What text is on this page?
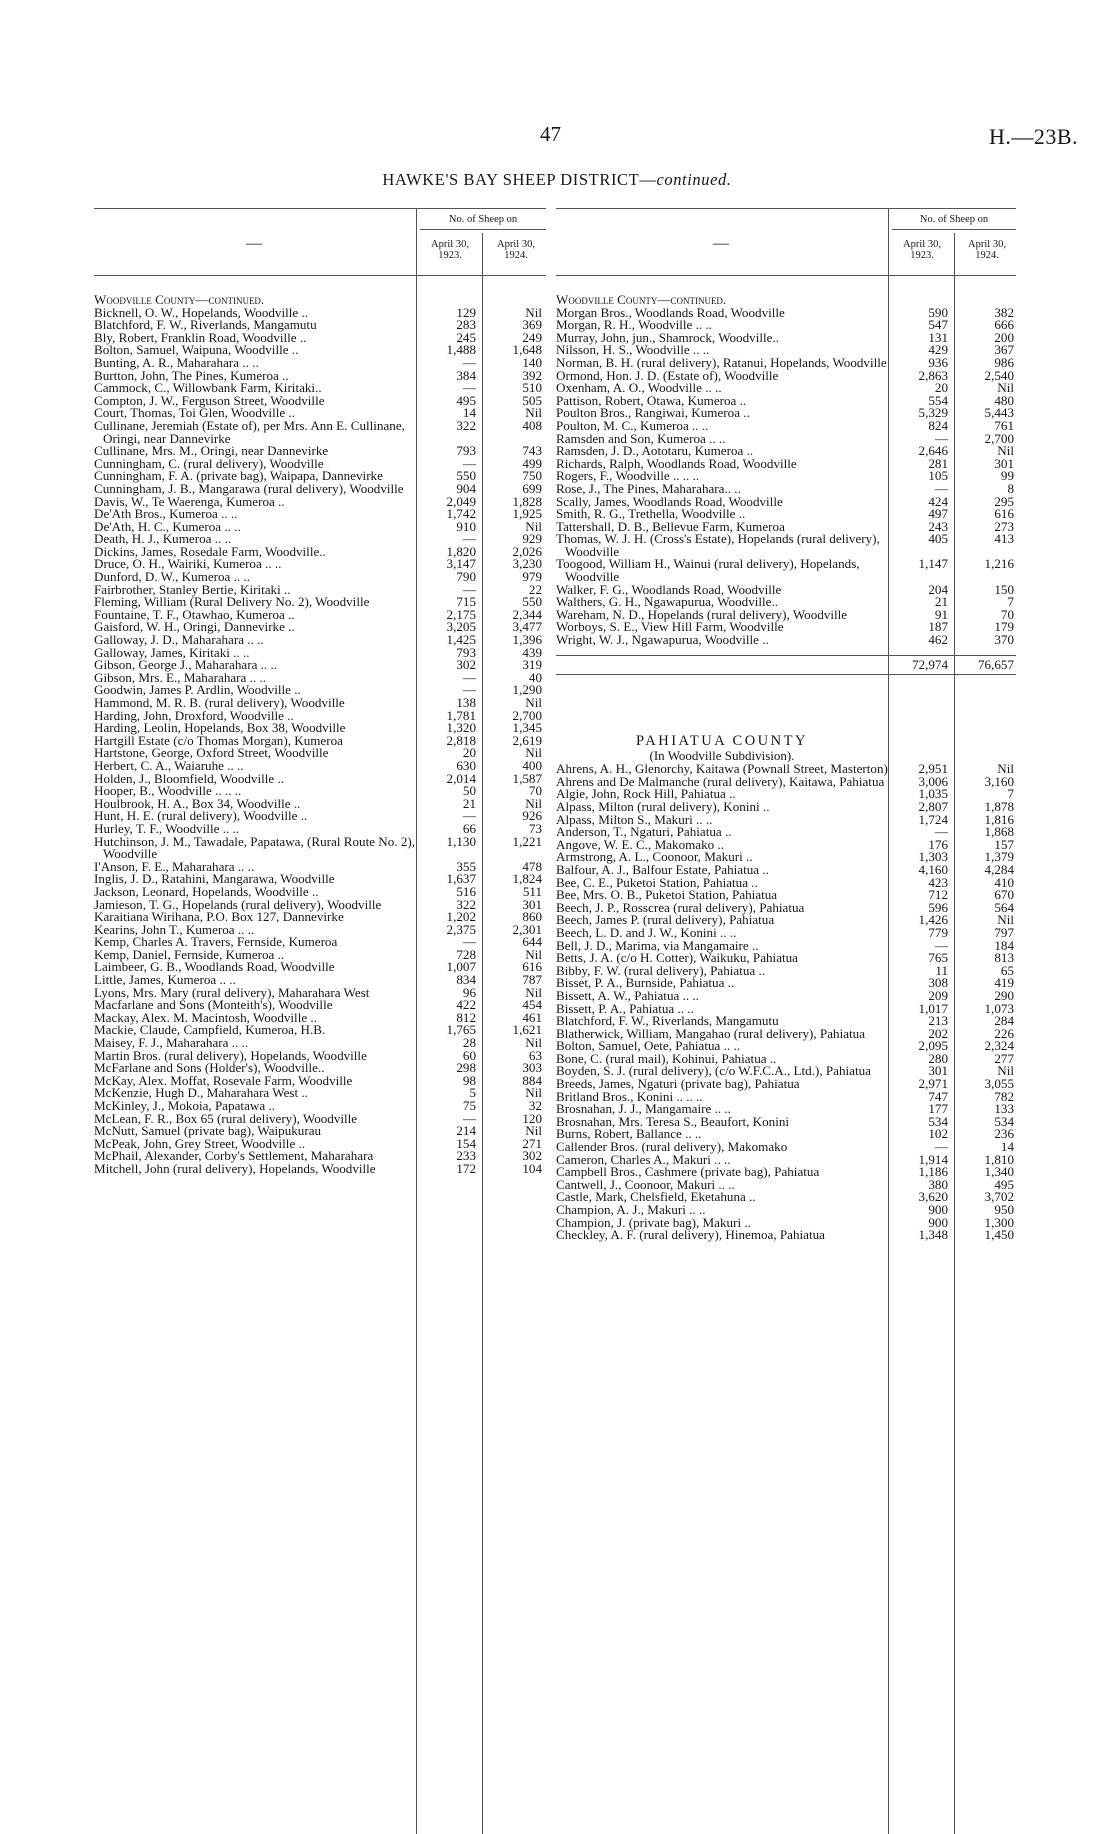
47	H.—23B.
HAWKE'S BAY SHEEP DISTRICT—continued.
—
No. of Sheep on
April 30, 1923.
April 30, 1924.
Woodville County—continued.
Bicknell, O. W., Hopelands, Woodville ..	129	Nil
Blatchford, F. W., Riverlands, Mangamutu	283	369
Bly, Robert, Franklin Road, Woodville ..	245	249
Bolton, Samuel, Waipuna, Woodville ..	1,488	1,648
Bunting, A. R., Maharahara .. ..	—	140
Burtton, John, The Pines, Kumeroa ..	384	392
Cammock, C., Willowbank Farm, Kiritaki..	—	510
Compton, J. W., Ferguson Street, Woodville	495	505
Court, Thomas, Toi Glen, Woodville ..	14	Nil
Cullinane, Jeremiah (Estate of), per Mrs. Ann E. Cullinane, Oringi, near Dannevirke
322	408
Cullinane, Mrs. M., Oringi, near Dannevirke	793	743
Cunningham, C. (rural delivery), Woodville	—	499
Cunningham, F. A. (private bag), Waipapa, Dannevirke	550	750
Cunningham, J. B., Mangarawa (rural delivery), Woodville	904	699
Davis, W., Te Waerenga, Kumeroa ..	2,049	1,828
De'Ath Bros., Kumeroa .. ..	1,742	1,925
De'Ath, H. C., Kumeroa .. ..	910	Nil
Death, H. J., Kumeroa .. ..	—	929
Dickins, James, Rosedale Farm, Woodville..	1,820	2,026
Druce, O. H., Wairiki, Kumeroa .. ..	3,147	3,230
Dunford, D. W., Kumeroa .. ..	790	979
Fairbrother, Stanley Bertie, Kiritaki ..	—	22
Fleming, William (Rural Delivery No. 2), Woodville	715	550
Fountaine, T. F., Otawhao, Kumeroa ..	2,175	2,344
Gaisford, W. H., Oringi, Dannevirke ..	3,205	3,477
Galloway, J. D., Maharahara .. ..	1,425	1,396
Galloway, James, Kiritaki .. ..	793	439
Gibson, George J., Maharahara .. ..	302	319
Gibson, Mrs. E., Maharahara .. ..	—	40
Goodwin, James P. Ardlin, Woodville ..	—	1,290
Hammond, M. R. B. (rural delivery), Woodville	138	Nil
Harding, John, Droxford, Woodville ..	1,781	2,700
Harding, Leolin, Hopelands, Box 38, Woodville	1,320	1,345
Hartgill Estate (c/o Thomas Morgan), Kumeroa	2,818	2,619
Hartstone, George, Oxford Street, Woodville	20	Nil
Herbert, C. A., Waiaruhe .. ..	630	400
Holden, J., Bloomfield, Woodville ..	2,014	1,587
Hooper, B., Woodville .. .. ..	50	70
Houlbrook, H. A., Box 34, Woodville ..	21	Nil
Hunt, H. E. (rural delivery), Woodville ..	—	926
Hurley, T. F., Woodville .. ..	66	73
Hutchinson, J. M., Tawadale, Papatawa, (Rural Route No. 2), Woodville
1,130	1,221
I'Anson, F. E., Maharahara .. ..	355	478
Inglis, J. D., Ratahini, Mangarawa, Woodville	1,637	1,824
Jackson, Leonard, Hopelands, Woodville ..	516	511
Jamieson, T. G., Hopelands (rural delivery), Woodville	322	301
Karaitiana Wirihana, P.O. Box 127, Dannevirke	1,202	860
Kearins, John T., Kumeroa .. ..	2,375	2,301
Kemp, Charles A. Travers, Fernside, Kumeroa	—	644
Kemp, Daniel, Fernside, Kumeroa ..	728	Nil
Laimbeer, G. B., Woodlands Road, Woodville	1,007	616
Little, James, Kumeroa .. ..	834	787
Lyons, Mrs. Mary (rural delivery), Maharahara West	96	Nil
Macfarlane and Sons (Monteith's), Woodville	422	454
Mackay, Alex. M. Macintosh, Woodville ..	812	461
Mackie, Claude, Campfield, Kumeroa, H.B.	1,765	1,621
Maisey, F. J., Maharahara .. ..	28	Nil
Martin Bros. (rural delivery), Hopelands, Woodville	60	63
McFarlane and Sons (Holder's), Woodville..	298	303
McKay, Alex. Moffat, Rosevale Farm, Woodville	98	884
McKenzie, Hugh D., Maharahara West ..	5	Nil
McKinley, J., Mokoia, Papatawa ..	75	32
McLean, F. R., Box 65 (rural delivery), Woodville	—	120
McNutt, Samuel (private bag), Waipukurau	214	Nil
McPeak, John, Grey Street, Woodville ..	154	271
McPhail, Alexander, Corby's Settlement, Maharahara	233	302
Mitchell, John (rural delivery), Hopelands, Woodville	172	104
—
No. of Sheep on
April 30, 1923.
April 30, 1924.
Woodville County—continued.
Morgan Bros., Woodlands Road, Woodville	590	382
Morgan, R. H., Woodville .. ..	547	666
Murray, John, jun., Shamrock, Woodville..	131	200
Nilsson, H. S., Woodville .. ..	429	367
Norman, B. H. (rural delivery), Ratanui, Hopelands, Woodville	936	986
Ormond, Hon. J. D. (Estate of), Woodville	2,863	2,540
Oxenham, A. O., Woodville .. ..	20	Nil
Pattison, Robert, Otawa, Kumeroa ..	554	480
Poulton Bros., Rangiwai, Kumeroa ..	5,329	5,443
Poulton, M. C., Kumeroa .. ..	824	761
Ramsden and Son, Kumeroa .. ..	—	2,700
Ramsden, J. D., Aototaru, Kumeroa ..	2,646	Nil
Richards, Ralph, Woodlands Road, Woodville	281	301
Rogers, F., Woodville .. .. ..	105	99
Rose, J., The Pines, Maharahara.. ..	—	8
Scally, James, Woodlands Road, Woodville	424	295
Smith, R. G., Trethella, Woodville ..	497	616
Tattershall, D. B., Bellevue Farm, Kumeroa	243	273
Thomas, W. J. H. (Cross's Estate), Hopelands (rural delivery), Woodville
405	413
Toogood, William H., Wainui (rural delivery), Hopelands, Woodville
1,147	1,216
Walker, F. G., Woodlands Road, Woodville	204	150
Walthers, G. H., Ngawapurua, Woodville..	21	7
Wareham, N. D., Hopelands (rural delivery), Woodville	91	70
Worboys, S. E., View Hill Farm, Woodville	187	179
Wright, W. J., Ngawapurua, Woodville ..	462	370
72,974	76,657
PAHIATUA COUNTY
(In Woodville Subdivision).
Ahrens, A. H., Glenorchy, Kaitawa (Pownall Street, Masterton)	2,951	Nil
Ahrens and De Malmanche (rural delivery), Kaitawa, Pahiatua	3,006	3,160
Algie, John, Rock Hill, Pahiatua ..	1,035	7
Alpass, Milton (rural delivery), Konini ..	2,807	1,878
Alpass, Milton S., Makuri .. ..	1,724	1,816
Anderson, T., Ngaturi, Pahiatua ..	—	1,868
Angove, W. E. C., Makomako ..	176	157
Armstrong, A. L., Coonoor, Makuri ..	1,303	1,379
Balfour, A. J., Balfour Estate, Pahiatua ..	4,160	4,284
Bee, C. E., Puketoi Station, Pahiatua ..	423	410
Bee, Mrs. O. B., Puketoi Station, Pahiatua	712	670
Beech, J. P., Rosscrea (rural delivery), Pahiatua	596	564
Beech, James P. (rural delivery), Pahiatua	1,426	Nil
Beech, L. D. and J. W., Konini .. ..	779	797
Bell, J. D., Marima, via Mangamaire ..	—	184
Betts, J. A. (c/o H. Cotter), Waikuku, Pahiatua	765	813
Bibby, F. W. (rural delivery), Pahiatua ..	11	65
Bisset, P. A., Burnside, Pahiatua ..	308	419
Bissett, A. W., Pahiatua .. ..	209	290
Bissett, P. A., Pahiatua .. ..	1,017	1,073
Blatchford, F. W., Riverlands, Mangamutu	213	284
Blatherwick, William, Mangahao (rural delivery), Pahiatua	202	226
Bolton, Samuel, Oete, Pahiatua .. ..	2,095	2,324
Bone, C. (rural mail), Kohinui, Pahiatua ..	280	277
Boyden, S. J. (rural delivery), (c/o W.F.C.A., Ltd.), Pahiatua	301	Nil
Breeds, James, Ngaturi (private bag), Pahiatua	2,971	3,055
Britland Bros., Konini .. .. ..	747	782
Brosnahan, J. J., Mangamaire .. ..	177	133
Brosnahan, Mrs. Teresa S., Beaufort, Konini	534	534
Burns, Robert, Ballance .. ..	102	236
Callender Bros. (rural delivery), Makomako	—	14
Cameron, Charles A., Makuri .. ..	1,914	1,810
Campbell Bros., Cashmere (private bag), Pahiatua	1,186	1,340
Cantwell, J., Coonoor, Makuri .. ..	380	495
Castle, Mark, Chelsfield, Eketahuna ..	3,620	3,702
Champion, A. J., Makuri .. ..	900	950
Champion, J. (private bag), Makuri ..	900	1,300
Checkley, A. F. (rural delivery), Hinemoa, Pahiatua	1,348	1,450
